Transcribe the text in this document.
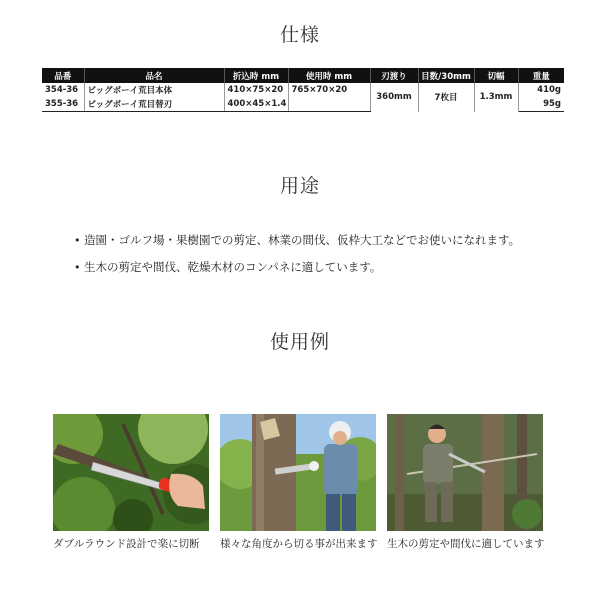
仕様
品番	品名	折込時 mm	使用時 mm	刃渡り	目数/30mm	切幅	重量
354-36	ビッグボーイ荒目本体	410×75×20	765×70×20	360mm	7枚目	1.3mm	410g
355-36	ビッグボーイ荒目替刃	400×45×1.4					95g
用途
• 造園・ゴルフ場・果樹園での剪定、林業の間伐、仮枠大工などでお使いになれます。
• 生木の剪定や間伐、乾燥木材のコンパネに適しています。
使用例
ダブルラウンド設計で楽に切断	様々な角度から切る事が出来ます 生木の剪定や間伐に適しています
